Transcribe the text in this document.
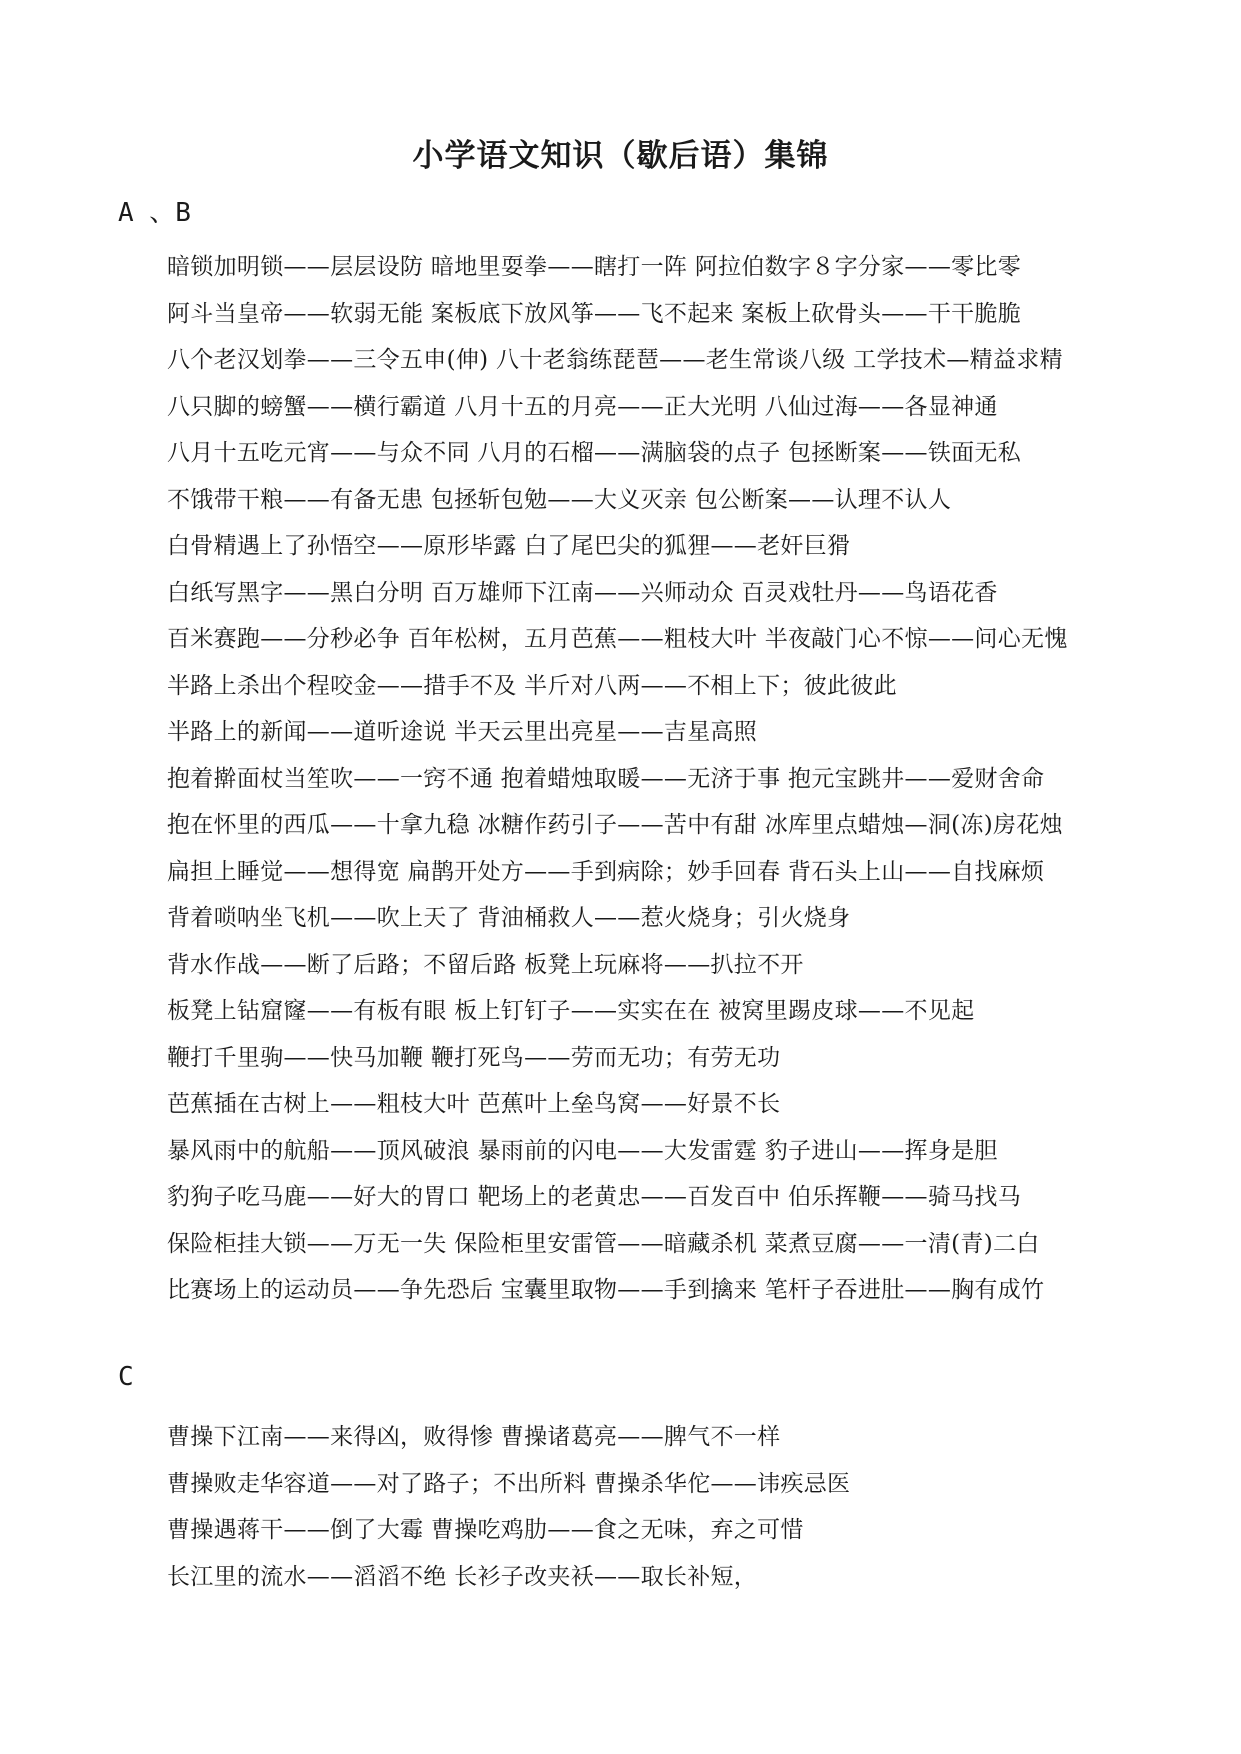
小学语文知识（歇后语）集锦
A 、B
暗锁加明锁——层层设防 暗地里耍拳——瞎打一阵 阿拉伯数字８字分家——零比零
阿斗当皇帝——软弱无能 案板底下放风筝——飞不起来 案板上砍骨头——干干脆脆
八个老汉划拳——三令五申(伸) 八十老翁练琵琶——老生常谈八级 工学技术—精益求精
八只脚的螃蟹——横行霸道 八月十五的月亮——正大光明 八仙过海——各显神通
八月十五吃元宵——与众不同 八月的石榴——满脑袋的点子 包拯断案——铁面无私
不饿带干粮——有备无患 包拯斩包勉——大义灭亲 包公断案——认理不认人
白骨精遇上了孙悟空——原形毕露 白了尾巴尖的狐狸——老奸巨猾
白纸写黑字——黑白分明 百万雄师下江南——兴师动众 百灵戏牡丹——鸟语花香
百米赛跑——分秒必争 百年松树，五月芭蕉——粗枝大叶 半夜敲门心不惊——问心无愧
半路上杀出个程咬金——措手不及 半斤对八两——不相上下；彼此彼此
半路上的新闻——道听途说 半天云里出亮星——吉星高照
抱着擀面杖当笙吹——一窍不通 抱着蜡烛取暖——无济于事 抱元宝跳井——爱财舍命
抱在怀里的西瓜——十拿九稳 冰糖作药引子——苦中有甜 冰库里点蜡烛—洞(冻)房花烛
扁担上睡觉——想得宽 扁鹊开处方——手到病除；妙手回春 背石头上山——自找麻烦
背着唢呐坐飞机——吹上天了 背油桶救人——惹火烧身；引火烧身
背水作战——断了后路；不留后路 板凳上玩麻将——扒拉不开
板凳上钻窟窿——有板有眼 板上钉钉子——实实在在 被窝里踢皮球——不见起
鞭打千里驹——快马加鞭 鞭打死鸟——劳而无功；有劳无功
芭蕉插在古树上——粗枝大叶 芭蕉叶上垒鸟窝——好景不长
暴风雨中的航船——顶风破浪 暴雨前的闪电——大发雷霆 豹子进山——挥身是胆
豹狗子吃马鹿——好大的胃口 靶场上的老黄忠——百发百中 伯乐挥鞭——骑马找马
保险柜挂大锁——万无一失 保险柜里安雷管——暗藏杀机 菜煮豆腐——一清(青)二白
比赛场上的运动员——争先恐后 宝囊里取物——手到擒来 笔杆子吞进肚——胸有成竹
C
曹操下江南——来得凶，败得惨 曹操诸葛亮——脾气不一样
曹操败走华容道——对了路子；不出所料 曹操杀华佗——讳疾忌医
曹操遇蒋干——倒了大霉 曹操吃鸡肋——食之无味，弃之可惜
长江里的流水——滔滔不绝 长衫子改夹袄——取长补短，
